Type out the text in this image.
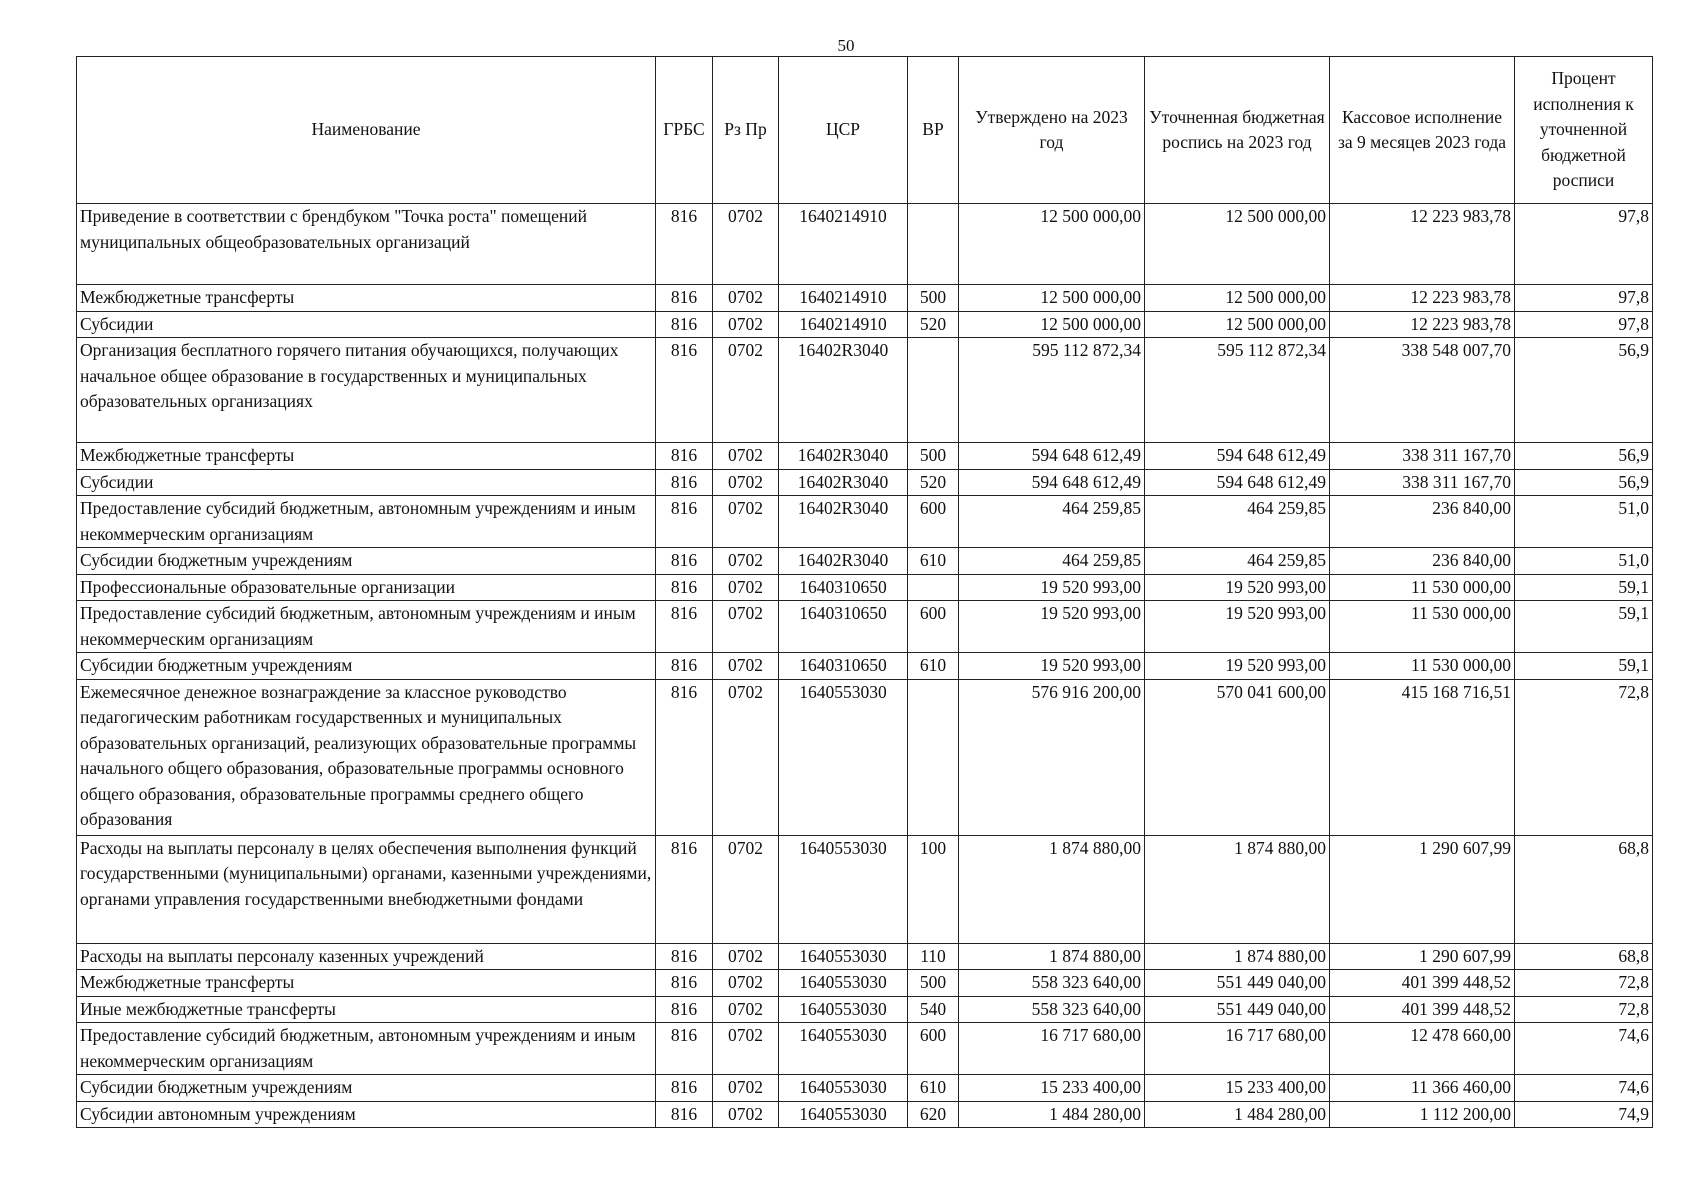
50
Наименование	ГРБС	Рз Пр	ЦСР	ВР	Утверждено на 2023 год	Уточненная бюджетная роспись на 2023 год	Кассовое исполнение за 9 месяцев 2023 года	Процент исполнения к уточненной бюджетной росписи
Приведение в соответствии с брендбуком "Точка роста" помещений муниципальных общеобразовательных организаций	816	0702	1640214910		12 500 000,00	12 500 000,00	12 223 983,78	97,8
Межбюджетные трансферты	816	0702	1640214910	500	12 500 000,00	12 500 000,00	12 223 983,78	97,8
Субсидии	816	0702	1640214910	520	12 500 000,00	12 500 000,00	12 223 983,78	97,8
Организация бесплатного горячего питания обучающихся, получающих начальное общее образование в государственных и муниципальных образовательных организациях	816	0702	16402R3040		595 112 872,34	595 112 872,34	338 548 007,70	56,9
Межбюджетные трансферты	816	0702	16402R3040	500	594 648 612,49	594 648 612,49	338 311 167,70	56,9
Субсидии	816	0702	16402R3040	520	594 648 612,49	594 648 612,49	338 311 167,70	56,9
Предоставление субсидий бюджетным, автономным учреждениям и иным некоммерческим организациям	816	0702	16402R3040	600	464 259,85	464 259,85	236 840,00	51,0
Субсидии бюджетным учреждениям	816	0702	16402R3040	610	464 259,85	464 259,85	236 840,00	51,0
Профессиональные образовательные организации	816	0702	1640310650		19 520 993,00	19 520 993,00	11 530 000,00	59,1
Предоставление субсидий бюджетным, автономным учреждениям и иным некоммерческим организациям	816	0702	1640310650	600	19 520 993,00	19 520 993,00	11 530 000,00	59,1
Субсидии бюджетным учреждениям	816	0702	1640310650	610	19 520 993,00	19 520 993,00	11 530 000,00	59,1
Ежемесячное денежное вознаграждение за классное руководство педагогическим работникам государственных и муниципальных образовательных организаций, реализующих образовательные программы начального общего образования, образовательные программы основного общего образования, образовательные программы среднего общего образования	816	0702	1640553030		576 916 200,00	570 041 600,00	415 168 716,51	72,8
Расходы на выплаты персоналу в целях обеспечения выполнения функций государственными (муниципальными) органами, казенными учреждениями, органами управления государственными внебюджетными фондами	816	0702	1640553030	100	1 874 880,00	1 874 880,00	1 290 607,99	68,8
Расходы на выплаты персоналу казенных учреждений	816	0702	1640553030	110	1 874 880,00	1 874 880,00	1 290 607,99	68,8
Межбюджетные трансферты	816	0702	1640553030	500	558 323 640,00	551 449 040,00	401 399 448,52	72,8
Иные межбюджетные трансферты	816	0702	1640553030	540	558 323 640,00	551 449 040,00	401 399 448,52	72,8
Предоставление субсидий бюджетным, автономным учреждениям и иным некоммерческим организациям	816	0702	1640553030	600	16 717 680,00	16 717 680,00	12 478 660,00	74,6
Субсидии бюджетным учреждениям	816	0702	1640553030	610	15 233 400,00	15 233 400,00	11 366 460,00	74,6
Субсидии автономным учреждениям	816	0702	1640553030	620	1 484 280,00	1 484 280,00	1 112 200,00	74,9
